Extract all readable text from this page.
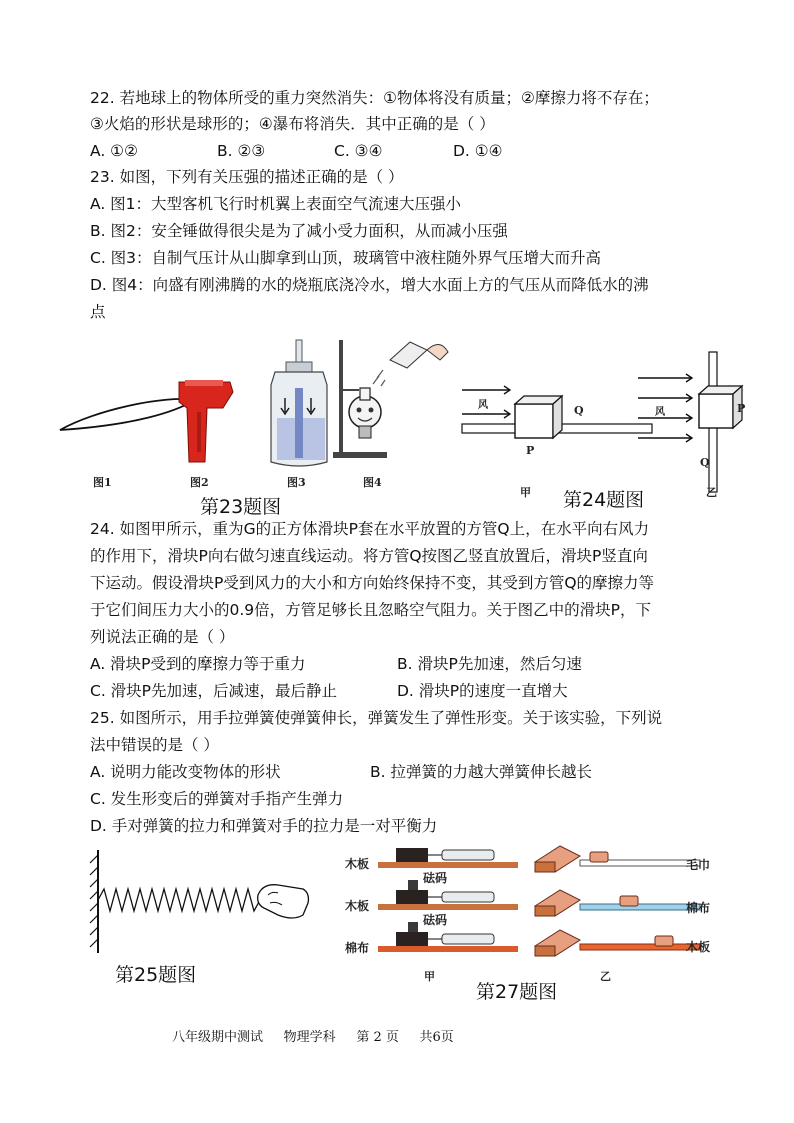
22. 若地球上的物体所受的重力突然消失：①物体将没有质量；②摩擦力将不存在；
③火焰的形状是球形的；④瀑布将消失．其中正确的是（ ）
A. ①②	B. ②③	C. ③④	D. ①④
23. 如图，下列有关压强的描述正确的是（ ）
A. 图1：大型客机飞行时机翼上表面空气流速大压强小
B. 图2：安全锤做得很尖是为了减小受力面积，从而减小压强
C. 图3：自制气压计从山脚拿到山顶，玻璃管中液柱随外界气压增大而升高
D. 图4：向盛有刚沸腾的水的烧瓶底浇冷水，增大水面上方的气压从而降低水的沸
点
图1	图2	图3	图4
第23题图
风	Q
P
甲
风	P
Q
乙
第24题图
24. 如图甲所示，重为G的正方体滑块P套在水平放置的方管Q上，在水平向右风力
的作用下，滑块P向右做匀速直线运动。将方管Q按图乙竖直放置后，滑块P竖直向
下运动。假设滑块P受到风力的大小和方向始终保持不变，其受到方管Q的摩擦力等
于它们间压力大小的0.9倍，方管足够长且忽略空气阻力。关于图乙中的滑块P，下
列说法正确的是（ ）
A. 滑块P受到的摩擦力等于重力	B. 滑块P先加速，然后匀速
C. 滑块P先加速，后减速，最后静止	D. 滑块P的速度一直增大
25. 如图所示，用手拉弹簧使弹簧伸长，弹簧发生了弹性形变。关于该实验，下列说
法中错误的是（ ）
A. 说明力能改变物体的形状	B. 拉弹簧的力越大弹簧伸长越长
C. 发生形变后的弹簧对手指产生弹力
D. 手对弹簧的拉力和弹簧对手的拉力是一对平衡力
第25题图
木板
木板
棉布
砝码
砝码
甲
毛巾
棉布
木板
乙
第27题图
八年级期中测试     物理学科     第 2 页     共6页
